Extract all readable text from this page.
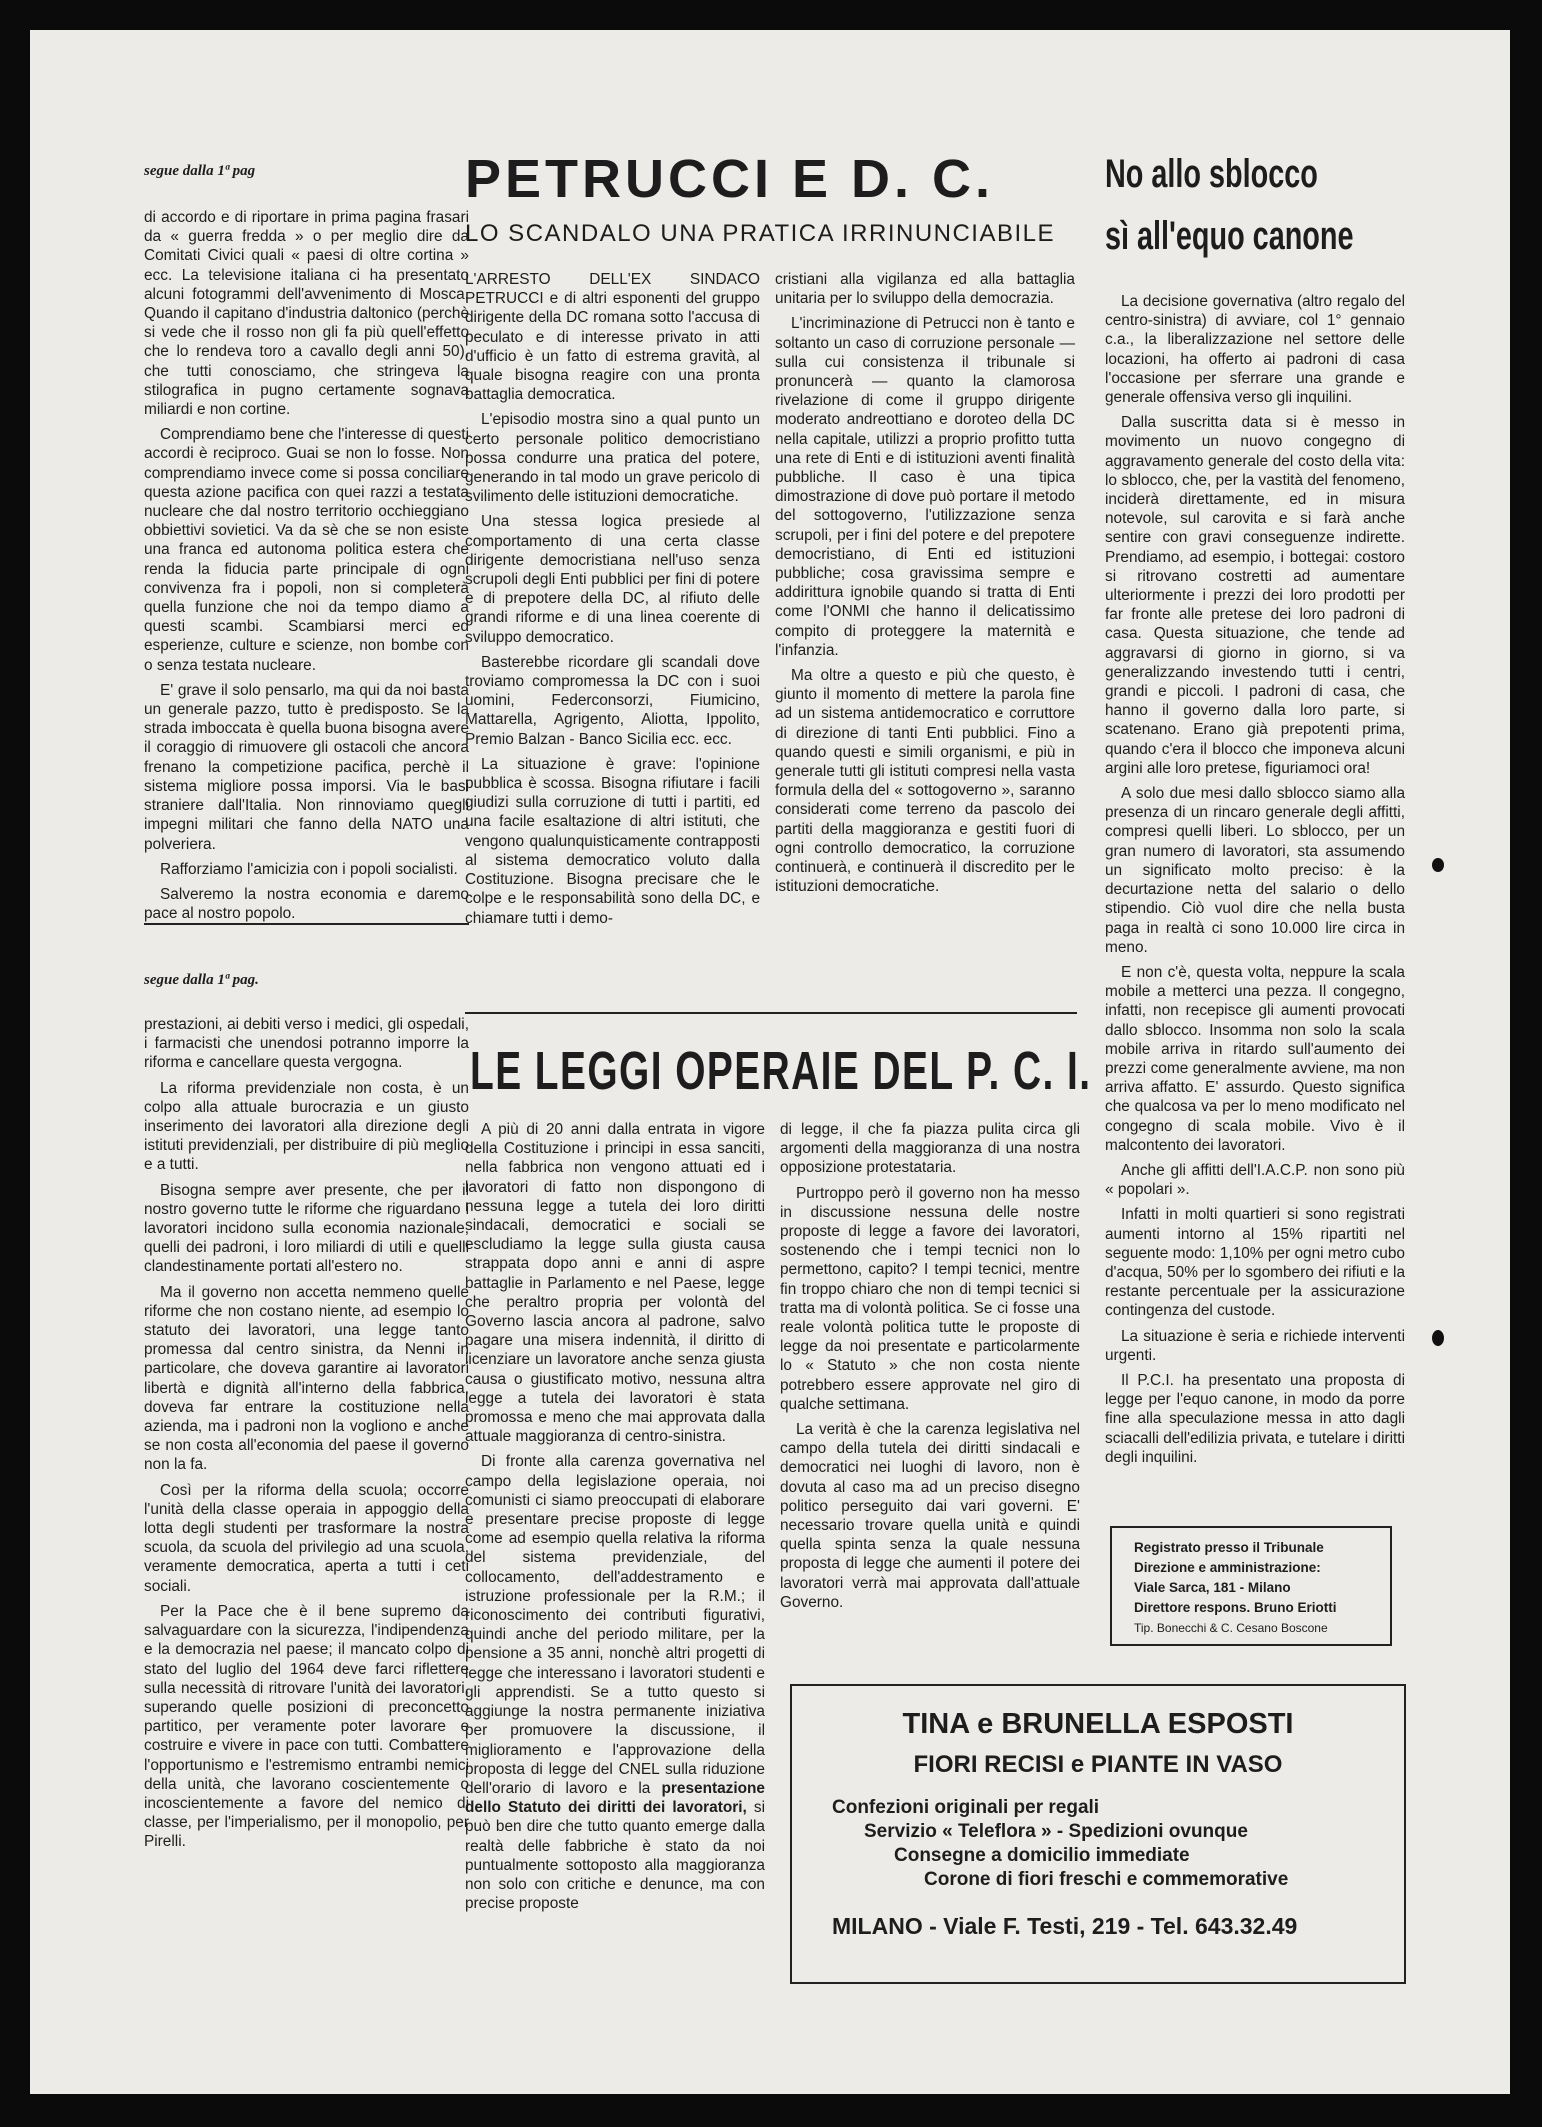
segue dalla 1ª pag

di accordo e di riportare in prima pagina frasari da « guerra fredda » o per meglio dire da Comitati Civici quali « paesi di oltre cortina » ecc. La televisione italiana ci ha presentato alcuni fotogrammi dell'avvenimento di Mosca. Quando il capitano d'industria daltonico (perchè si vede che il rosso non gli fa più quell'effetto che lo rendeva toro a cavallo degli anni 50), che tutti conosciamo, che stringeva la stilografica in pugno certamente sognava miliardi e non cortine.

Comprendiamo bene che l'interesse di questi accordi è reciproco. Guai se non lo fosse. Non comprendiamo invece come si possa conciliare questa azione pacifica con quei razzi a testata nucleare che dal nostro territorio occhieggiano obbiettivi sovietici. Va da sè che se non esiste una franca ed autonoma politica estera che renda la fiducia parte principale di ogni convivenza fra i popoli, non si completerà quella funzione che noi da tempo diamo a questi scambi. Scambiarsi merci ed esperienze, culture e scienze, non bombe con o senza testata nucleare.

E' grave il solo pensarlo, ma qui da noi basta un generale pazzo, tutto è predisposto. Se la strada imboccata è quella buona bisogna avere il coraggio di rimuovere gli ostacoli che ancora frenano la competizione pacifica, perchè il sistema migliore possa imporsi. Via le basi straniere dall'Italia. Non rinnoviamo quegli impegni militari che fanno della NATO una polveriera.

Rafforziamo l'amicizia con i popoli socialisti.

Salveremo la nostra economia e daremo pace al nostro popolo.

segue dalla 1ª pag.

prestazioni, ai debiti verso i medici, gli ospedali, i farmacisti che unendosi potranno imporre la riforma e cancellare questa vergogna.

La riforma previdenziale non costa, è un colpo alla attuale burocrazia e un giusto inserimento dei lavoratori alla direzione degli istituti previdenziali, per distribuire di più meglio e a tutti.

Bisogna sempre aver presente, che per il nostro governo tutte le riforme che riguardano i lavoratori incidono sulla economia nazionale, quelli dei padroni, i loro miliardi di utili e quelli clandestinamente portati all'estero no.

Ma il governo non accetta nemmeno quelle riforme che non costano niente, ad esempio lo statuto dei lavoratori, una legge tanto promessa dal centro sinistra, da Nenni in particolare, che doveva garantire ai lavoratori libertà e dignità all'interno della fabbrica, doveva far entrare la costituzione nella azienda, ma i padroni non la vogliono e anche se non costa all'economia del paese il governo non la fa.

Così per la riforma della scuola; occorre l'unità della classe operaia in appoggio della lotta degli studenti per trasformare la nostra scuola, da scuola del privilegio ad una scuola, veramente democratica, aperta a tutti i ceti sociali.

Per la Pace che è il bene supremo da salvaguardare con la sicurezza, l'indipendenza e la democrazia nel paese; il mancato colpo di stato del luglio del 1964 deve farci riflettere sulla necessità di ritrovare l'unità dei lavoratori, superando quelle posizioni di preconcetto partitico, per veramente poter lavorare e costruire e vivere in pace con tutti. Combattere l'opportunismo e l'estremismo entrambi nemici della unità, che lavorano coscientemente o incoscientemente a favore del nemico di classe, per l'imperialismo, per il monopolio, per Pirelli.

PETRUCCI E D. C.
LO SCANDALO UNA PRATICA IRRINUNCIABILE

L'ARRESTO DELL'EX SINDACO PETRUCCI e di altri esponenti del gruppo dirigente della DC romana sotto l'accusa di peculato e di interesse privato in atti d'ufficio è un fatto di estrema gravità, al quale bisogna reagire con una pronta battaglia democratica.

L'episodio mostra sino a qual punto un certo personale politico democristiano possa condurre una pratica del potere, generando in tal modo un grave pericolo di svilimento delle istituzioni democratiche.

Una stessa logica presiede al comportamento di una certa classe dirigente democristiana nell'uso senza scrupoli degli Enti pubblici per fini di potere e di prepotere della DC, al rifiuto delle grandi riforme e di una linea coerente di sviluppo democratico.

Basterebbe ricordare gli scandali dove troviamo compromessa la DC con i suoi uomini, Federconsorzi, Fiumicino, Mattarella, Agrigento, Aliotta, Ippolito, Premio Balzan - Banco Sicilia ecc. ecc.

La situazione è grave: l'opinione pubblica è scossa. Bisogna rifiutare i facili giudizi sulla corruzione di tutti i partiti, ed una facile esaltazione di altri istituti, che vengono qualunquisticamente contrapposti al sistema democratico voluto dalla Costituzione. Bisogna precisare che le colpe e le responsabilità sono della DC, e chiamare tutti i demo-

cristiani alla vigilanza ed alla battaglia unitaria per lo sviluppo della democrazia.

L'incriminazione di Petrucci non è tanto e soltanto un caso di corruzione personale — sulla cui consistenza il tribunale si pronuncerà — quanto la clamorosa rivelazione di come il gruppo dirigente moderato andreottiano e doroteo della DC nella capitale, utilizzi a proprio profitto tutta una rete di Enti e di istituzioni aventi finalità pubbliche. Il caso è una tipica dimostrazione di dove può portare il metodo del sottogoverno, l'utilizzazione senza scrupoli, per i fini del potere e del prepotere democristiano, di Enti ed istituzioni pubbliche; cosa gravissima sempre e addirittura ignobile quando si tratta di Enti come l'ONMI che hanno il delicatissimo compito di proteggere la maternità e l'infanzia.

Ma oltre a questo e più che questo, è giunto il momento di mettere la parola fine ad un sistema antidemocratico e corruttore di direzione di tanti Enti pubblici. Fino a quando questi e simili organismi, e più in generale tutti gli istituti compresi nella vasta formula della del « sottogoverno », saranno considerati come terreno da pascolo dei partiti della maggioranza e gestiti fuori di ogni controllo democratico, la corruzione continuerà, e continuerà il discredito per le istituzioni democratiche.

No allo sblocco
sì all'equo canone

La decisione governativa (altro regalo del centro-sinistra) di avviare, col 1° gennaio c.a., la liberalizzazione nel settore delle locazioni, ha offerto ai padroni di casa l'occasione per sferrare una grande e generale offensiva verso gli inquilini.

Dalla suscritta data si è messo in movimento un nuovo congegno di aggravamento generale del costo della vita: lo sblocco, che, per la vastità del fenomeno, inciderà direttamente, ed in misura notevole, sul carovita e si farà anche sentire con gravi conseguenze indirette. Prendiamo, ad esempio, i bottegai: costoro si ritrovano costretti ad aumentare ulteriormente i prezzi dei loro prodotti per far fronte alle pretese dei loro padroni di casa. Questa situazione, che tende ad aggravarsi di giorno in giorno, si va generalizzando investendo tutti i centri, grandi e piccoli. I padroni di casa, che hanno il governo dalla loro parte, si scatenano. Erano già prepotenti prima, quando c'era il blocco che imponeva alcuni argini alle loro pretese, figuriamoci ora!

A solo due mesi dallo sblocco siamo alla presenza di un rincaro generale degli affitti, compresi quelli liberi. Lo sblocco, per un gran numero di lavoratori, sta assumendo un significato molto preciso: è la decurtazione netta del salario o dello stipendio. Ciò vuol dire che nella busta paga in realtà ci sono 10.000 lire circa in meno.

E non c'è, questa volta, neppure la scala mobile a metterci una pezza. Il congegno, infatti, non recepisce gli aumenti provocati dallo sblocco. Insomma non solo la scala mobile arriva in ritardo sull'aumento dei prezzi come generalmente avviene, ma non arriva affatto. E' assurdo. Questo significa che qualcosa va per lo meno modificato nel congegno di scala mobile. Vivo è il malcontento dei lavoratori.

Anche gli affitti dell'I.A.C.P. non sono più « popolari ».

Infatti in molti quartieri si sono registrati aumenti intorno al 15% ripartiti nel seguente modo: 1,10% per ogni metro cubo d'acqua, 50% per lo sgombero dei rifiuti e la restante percentuale per la assicurazione contingenza del custode.

La situazione è seria e richiede interventi urgenti.

Il P.C.I. ha presentato una proposta di legge per l'equo canone, in modo da porre fine alla speculazione messa in atto dagli sciacalli dell'edilizia privata, e tutelare i diritti degli inquilini.

LE LEGGI OPERAIE DEL P. C. I.

A più di 20 anni dalla entrata in vigore della Costituzione i principi in essa sanciti, nella fabbrica non vengono attuati ed i lavoratori di fatto non dispongono di nessuna legge a tutela dei loro diritti sindacali, democratici e sociali se escludiamo la legge sulla giusta causa strappata dopo anni e anni di aspre battaglie in Parlamento e nel Paese, legge che peraltro propria per volontà del Governo lascia ancora al padrone, salvo pagare una misera indennità, il diritto di licenziare un lavoratore anche senza giusta causa o giustificato motivo, nessuna altra legge a tutela dei lavoratori è stata promossa e meno che mai approvata dalla attuale maggioranza di centro-sinistra.

Di fronte alla carenza governativa nel campo della legislazione operaia, noi comunisti ci siamo preoccupati di elaborare e presentare precise proposte di legge come ad esempio quella relativa la riforma del sistema previdenziale, del collocamento, dell'addestramento e istruzione professionale per la R.M.; il riconoscimento dei contributi figurativi, quindi anche del periodo militare, per la pensione a 35 anni, nonchè altri progetti di legge che interessano i lavoratori studenti e gli apprendisti. Se a tutto questo si aggiunge la nostra permanente iniziativa per promuovere la discussione, il miglioramento e l'approvazione della proposta di legge del CNEL sulla riduzione dell'orario di lavoro e la presentazione dello Statuto dei diritti dei lavoratori, si può ben dire che tutto quanto emerge dalla realtà delle fabbriche è stato da noi puntualmente sottoposto alla maggioranza non solo con critiche e denunce, ma con precise proposte

di legge, il che fa piazza pulita circa gli argomenti della maggioranza di una nostra opposizione protestataria.

Purtroppo però il governo non ha messo in discussione nessuna delle nostre proposte di legge a favore dei lavoratori, sostenendo che i tempi tecnici non lo permettono, capito? I tempi tecnici, mentre fin troppo chiaro che non di tempi tecnici si tratta ma di volontà politica. Se ci fosse una reale volontà politica tutte le proposte di legge da noi presentate e particolarmente lo « Statuto » che non costa niente potrebbero essere approvate nel giro di qualche settimana.

La verità è che la carenza legislativa nel campo della tutela dei diritti sindacali e democratici nei luoghi di lavoro, non è dovuta al caso ma ad un preciso disegno politico perseguito dai vari governi. E' necessario trovare quella unità e quindi quella spinta senza la quale nessuna proposta di legge che aumenti il potere dei lavoratori verrà mai approvata dall'attuale Governo.

Registrato presso il Tribunale

Direzione e amministrazione:

Viale Sarca, 181 - Milano

Direttore respons. Bruno Eriotti

Tip. Bonecchi & C. Cesano Boscone

TINA e BRUNELLA ESPOSTI
FIORI RECISI e PIANTE IN VASO
Confezioni originali per regali
Servizio « Teleflora » - Spedizioni ovunque
Consegne a domicilio immediate
Corone di fiori freschi e commemorative
MILANO - Viale F. Testi, 219 - Tel. 643.32.49
